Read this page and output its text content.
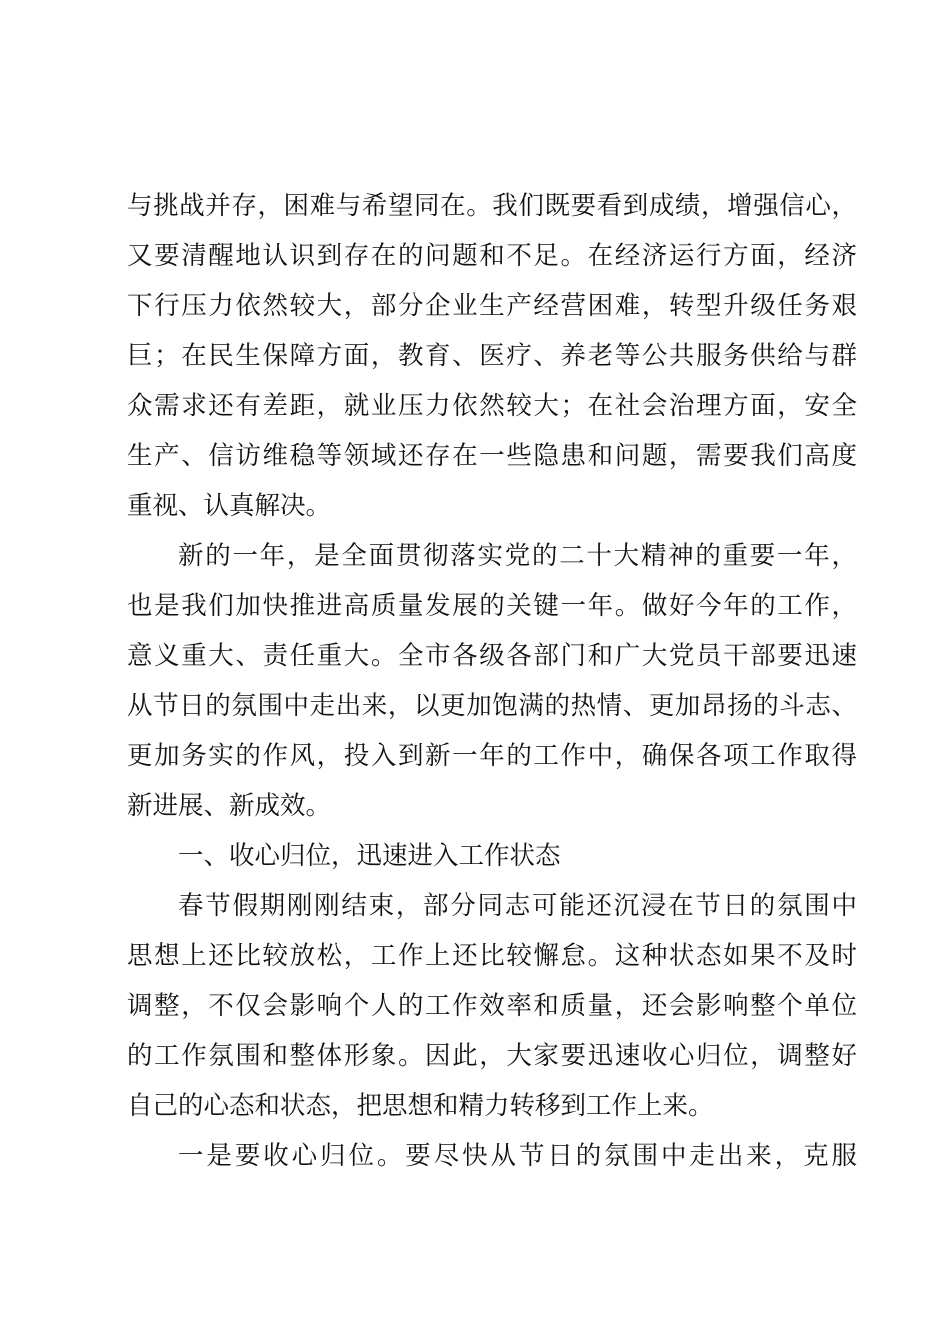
与挑战并存，困难与希望同在。我们既要看到成绩，增强信心，
又要清醒地认识到存在的问题和不足。在经济运行方面，经济
下行压力依然较大，部分企业生产经营困难，转型升级任务艰
巨；在民生保障方面，教育、医疗、养老等公共服务供给与群
众需求还有差距，就业压力依然较大；在社会治理方面，安全
生产、信访维稳等领域还存在一些隐患和问题，需要我们高度
重视、认真解决。
新的一年，是全面贯彻落实党的二十大精神的重要一年，
也是我们加快推进高质量发展的关键一年。做好今年的工作，
意义重大、责任重大。全市各级各部门和广大党员干部要迅速
从节日的氛围中走出来，以更加饱满的热情、更加昂扬的斗志、
更加务实的作风，投入到新一年的工作中，确保各项工作取得
新进展、新成效。
一、收心归位，迅速进入工作状态
春节假期刚刚结束，部分同志可能还沉浸在节日的氛围中
思想上还比较放松，工作上还比较懈怠。这种状态如果不及时
调整，不仅会影响个人的工作效率和质量，还会影响整个单位
的工作氛围和整体形象。因此，大家要迅速收心归位，调整好
自己的心态和状态，把思想和精力转移到工作上来。
一是要收心归位。要尽快从节日的氛围中走出来，克服
